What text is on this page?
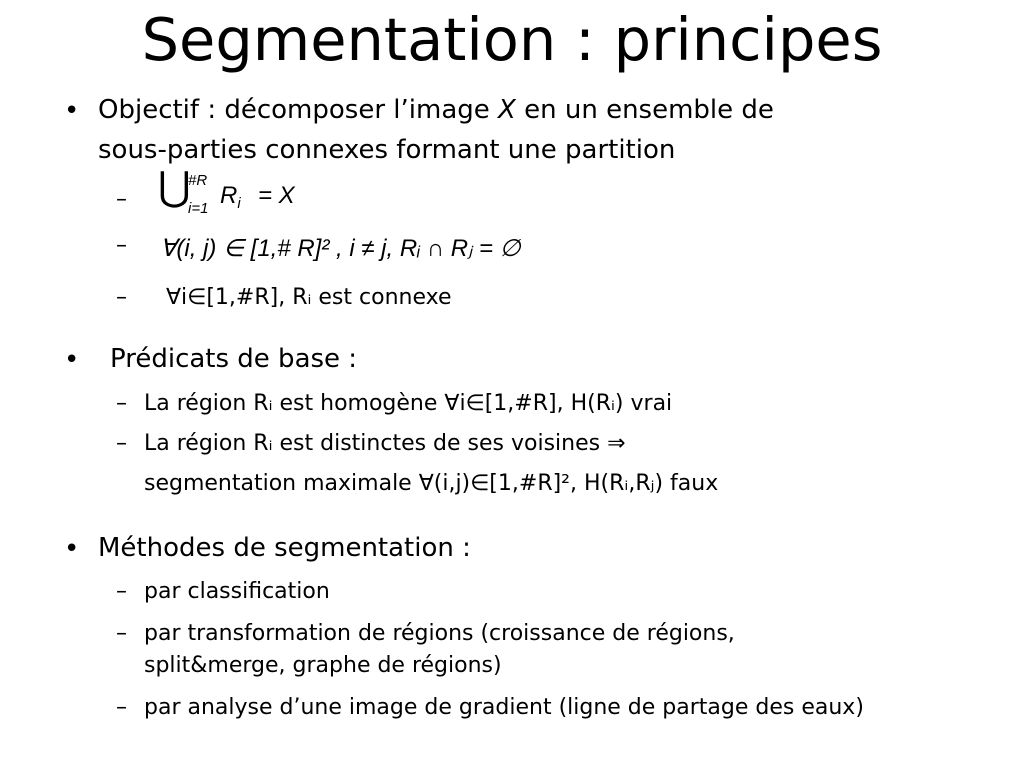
Segmentation : principes
• Objectif : décomposer l’image X en un ensemble de
sous-parties connexes formant une partition
– ⋃
#R
i=1 $R_i = X$
– ∀(i, j) ∈ [1,# R]² , i ≠ j, Rᵢ ∩ Rⱼ = ∅
– ∀i∈[1,#R], Rᵢ est connexe
• Prédicats de base :
– La région Rᵢ est homogène ∀i∈[1,#R], H(Rᵢ) vrai
– La région Rᵢ est distinctes de ses voisines ⇒
segmentation maximale ∀(i,j)∈[1,#R]², H(Rᵢ,Rⱼ) faux
• Méthodes de segmentation :
– par classification
– par transformation de régions (croissance de régions,
split&merge, graphe de régions)
– par analyse d’une image de gradient (ligne de partage des eaux)
